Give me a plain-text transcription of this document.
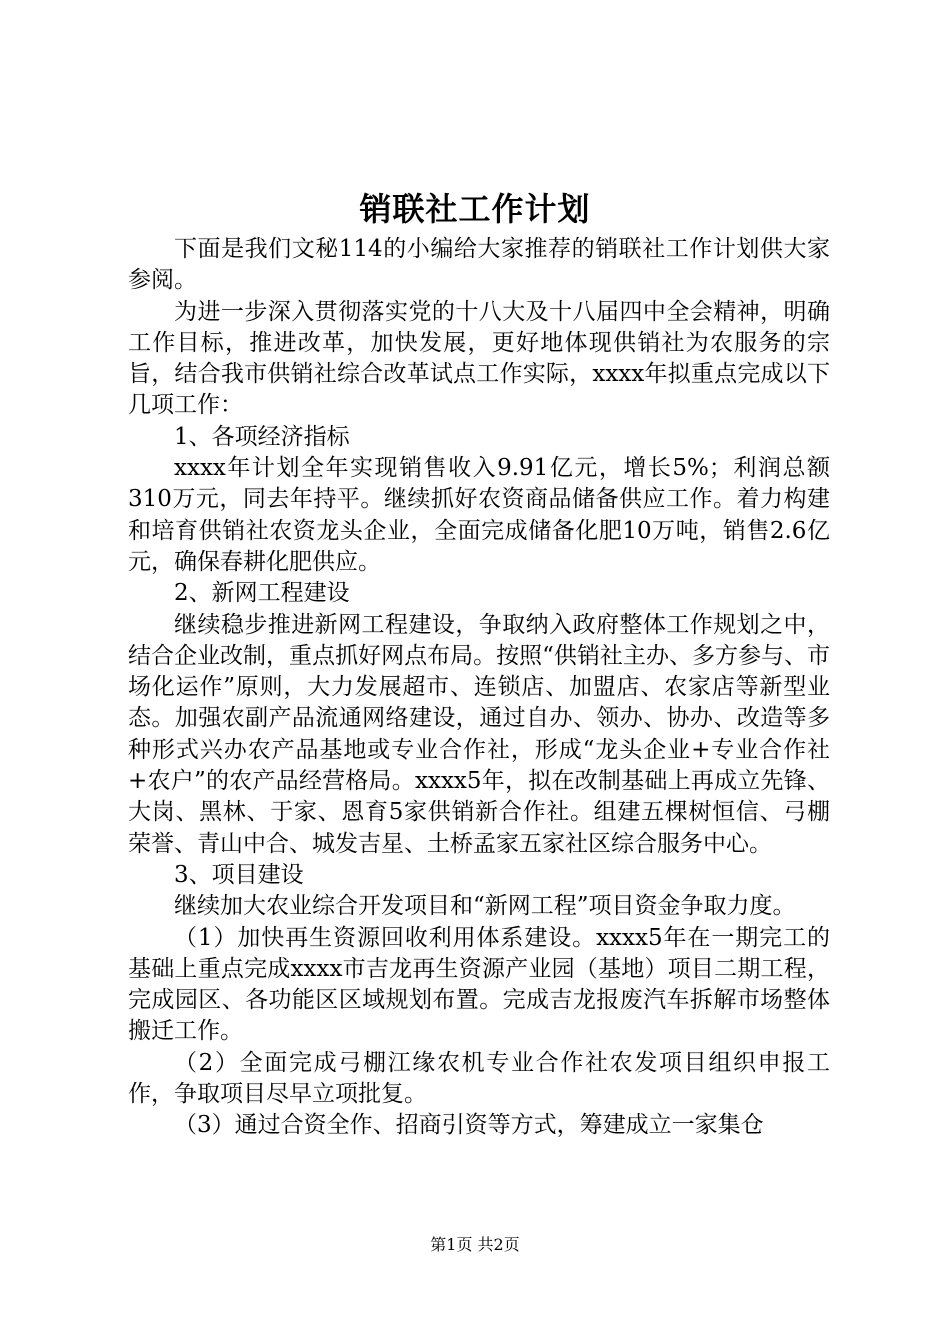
销联社工作计划

下面是我们文秘114的小编给大家推荐的销联社工作计划供大家参阅。

为进一步深入贯彻落实党的十八大及十八届四中全会精神，明确工作目标，推进改革，加快发展，更好地体现供销社为农服务的宗旨，结合我市供销社综合改革试点工作实际，xxxx年拟重点完成以下几项工作：

1、各项经济指标

xxxx年计划全年实现销售收入9.91亿元，增长5%；利润总额310万元，同去年持平。继续抓好农资商品储备供应工作。着力构建和培育供销社农资龙头企业，全面完成储备化肥10万吨，销售2.6亿元，确保春耕化肥供应。

2、新网工程建设

继续稳步推进新网工程建设，争取纳入政府整体工作规划之中，结合企业改制，重点抓好网点布局。按照“供销社主办、多方参与、市场化运作”原则，大力发展超市、连锁店、加盟店、农家店等新型业态。加强农副产品流通网络建设，通过自办、领办、协办、改造等多种形式兴办农产品基地或专业合作社，形成“龙头企业+专业合作社+农户”的农产品经营格局。xxxx5年，拟在改制基础上再成立先锋、大岗、黑林、于家、恩育5家供销新合作社。组建五棵树恒信、弓棚荣誉、青山中合、城发吉星、土桥孟家五家社区综合服务中心。

3、项目建设

继续加大农业综合开发项目和“新网工程”项目资金争取力度。

（1）加快再生资源回收利用体系建设。xxxx5年在一期完工的基础上重点完成xxxx市吉龙再生资源产业园（基地）项目二期工程，完成园区、各功能区区域规划布置。完成吉龙报废汽车拆解市场整体搬迁工作。

（2）全面完成弓棚江缘农机专业合作社农发项目组织申报工作，争取项目尽早立项批复。

（3）通过合资全作、招商引资等方式，筹建成立一家集仓

第1页 共2页
